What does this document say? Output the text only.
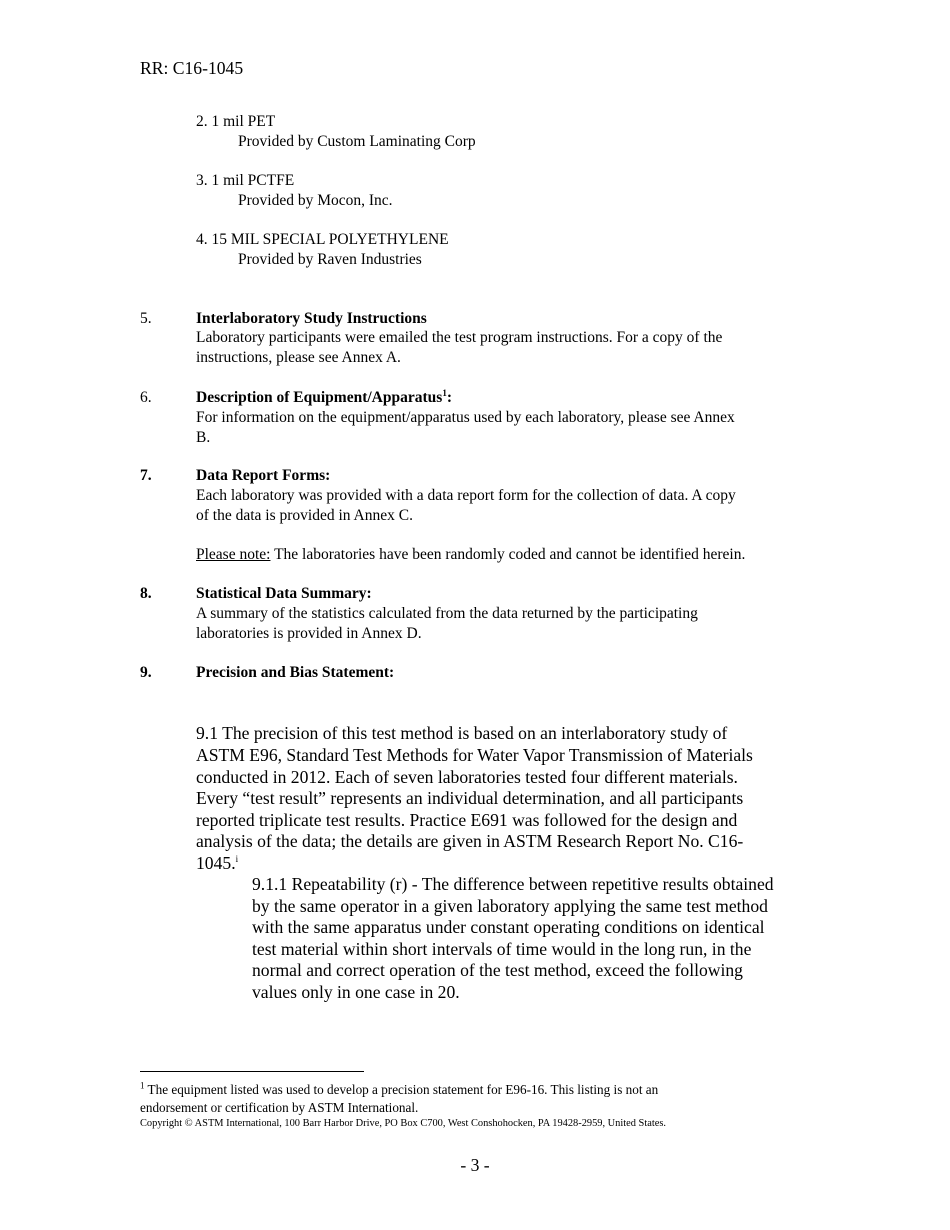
RR: C16-1045
2. 1 mil PET
Provided by Custom Laminating Corp
3. 1 mil PCTFE
Provided by Mocon, Inc.
4. 15 MIL SPECIAL POLYETHYLENE
Provided by Raven Industries
5.	Interlaboratory Study Instructions
Laboratory participants were emailed the test program instructions. For a copy of the
instructions, please see Annex A.
6.	Description of Equipment/Apparatus$^1$:
For information on the equipment/apparatus used by each laboratory, please see Annex
B.
7.	Data Report Forms:
Each laboratory was provided with a data report form for the collection of data. A copy
of the data is provided in Annex C.
Please note: The laboratories have been randomly coded and cannot be identified herein.
8.	Statistical Data Summary:
A summary of the statistics calculated from the data returned by the participating
laboratories is provided in Annex D.
9.	Precision and Bias Statement:
9.1 The precision of this test method is based on an interlaboratory study of
ASTM E96, Standard Test Methods for Water Vapor Transmission of Materials
conducted in 2012. Each of seven laboratories tested four different materials.
Every “test result” represents an individual determination, and all participants
reported triplicate test results. Practice E691 was followed for the design and
analysis of the data; the details are given in ASTM Research Report No. C16-
1045.$^i$
9.1.1 Repeatability (r) - The difference between repetitive results obtained
by the same operator in a given laboratory applying the same test method
with the same apparatus under constant operating conditions on identical
test material within short intervals of time would in the long run, in the
normal and correct operation of the test method, exceed the following
values only in one case in 20.
$^1$ The equipment listed was used to develop a precision statement for E96-16. This listing is not an
endorsement or certification by ASTM International.
Copyright © ASTM International, 100 Barr Harbor Drive, PO Box C700, West Conshohocken, PA 19428-2959, United States.
- 3 -
